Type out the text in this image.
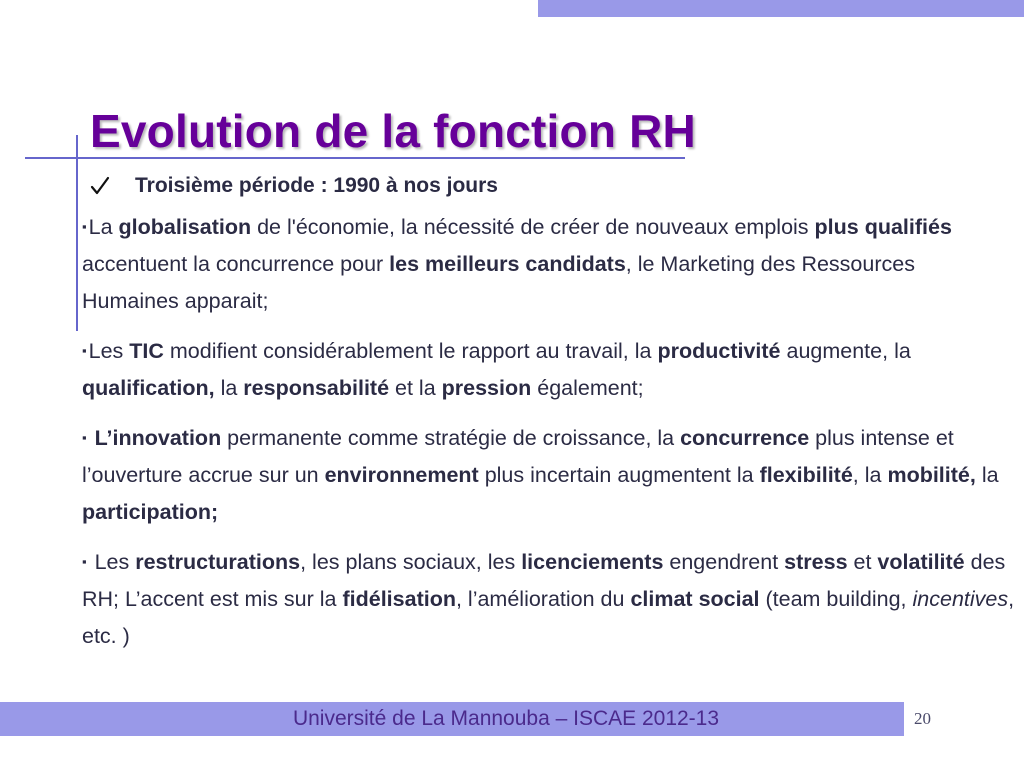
Evolution de la fonction RH
Troisième période : 1990 à nos jours

▪La globalisation de l'économie, la nécessité de créer de nouveaux emplois plus qualifiés accentuent la concurrence pour les meilleurs candidats, le Marketing des Ressources Humaines apparait;

▪Les TIC modifient considérablement le rapport au travail, la productivité augmente, la qualification, la responsabilité et la pression également;

▪ L’innovation permanente comme stratégie de croissance, la concurrence plus intense et l’ouverture accrue sur un environnement plus incertain augmentent la flexibilité, la mobilité, la participation;

▪ Les restructurations, les plans sociaux, les licenciements engendrent stress et volatilité des RH; L’accent est mis sur la fidélisation, l’amélioration du climat social (team building, incentives, etc. )

Université de La Mannouba – ISCAE 2012-13	20
